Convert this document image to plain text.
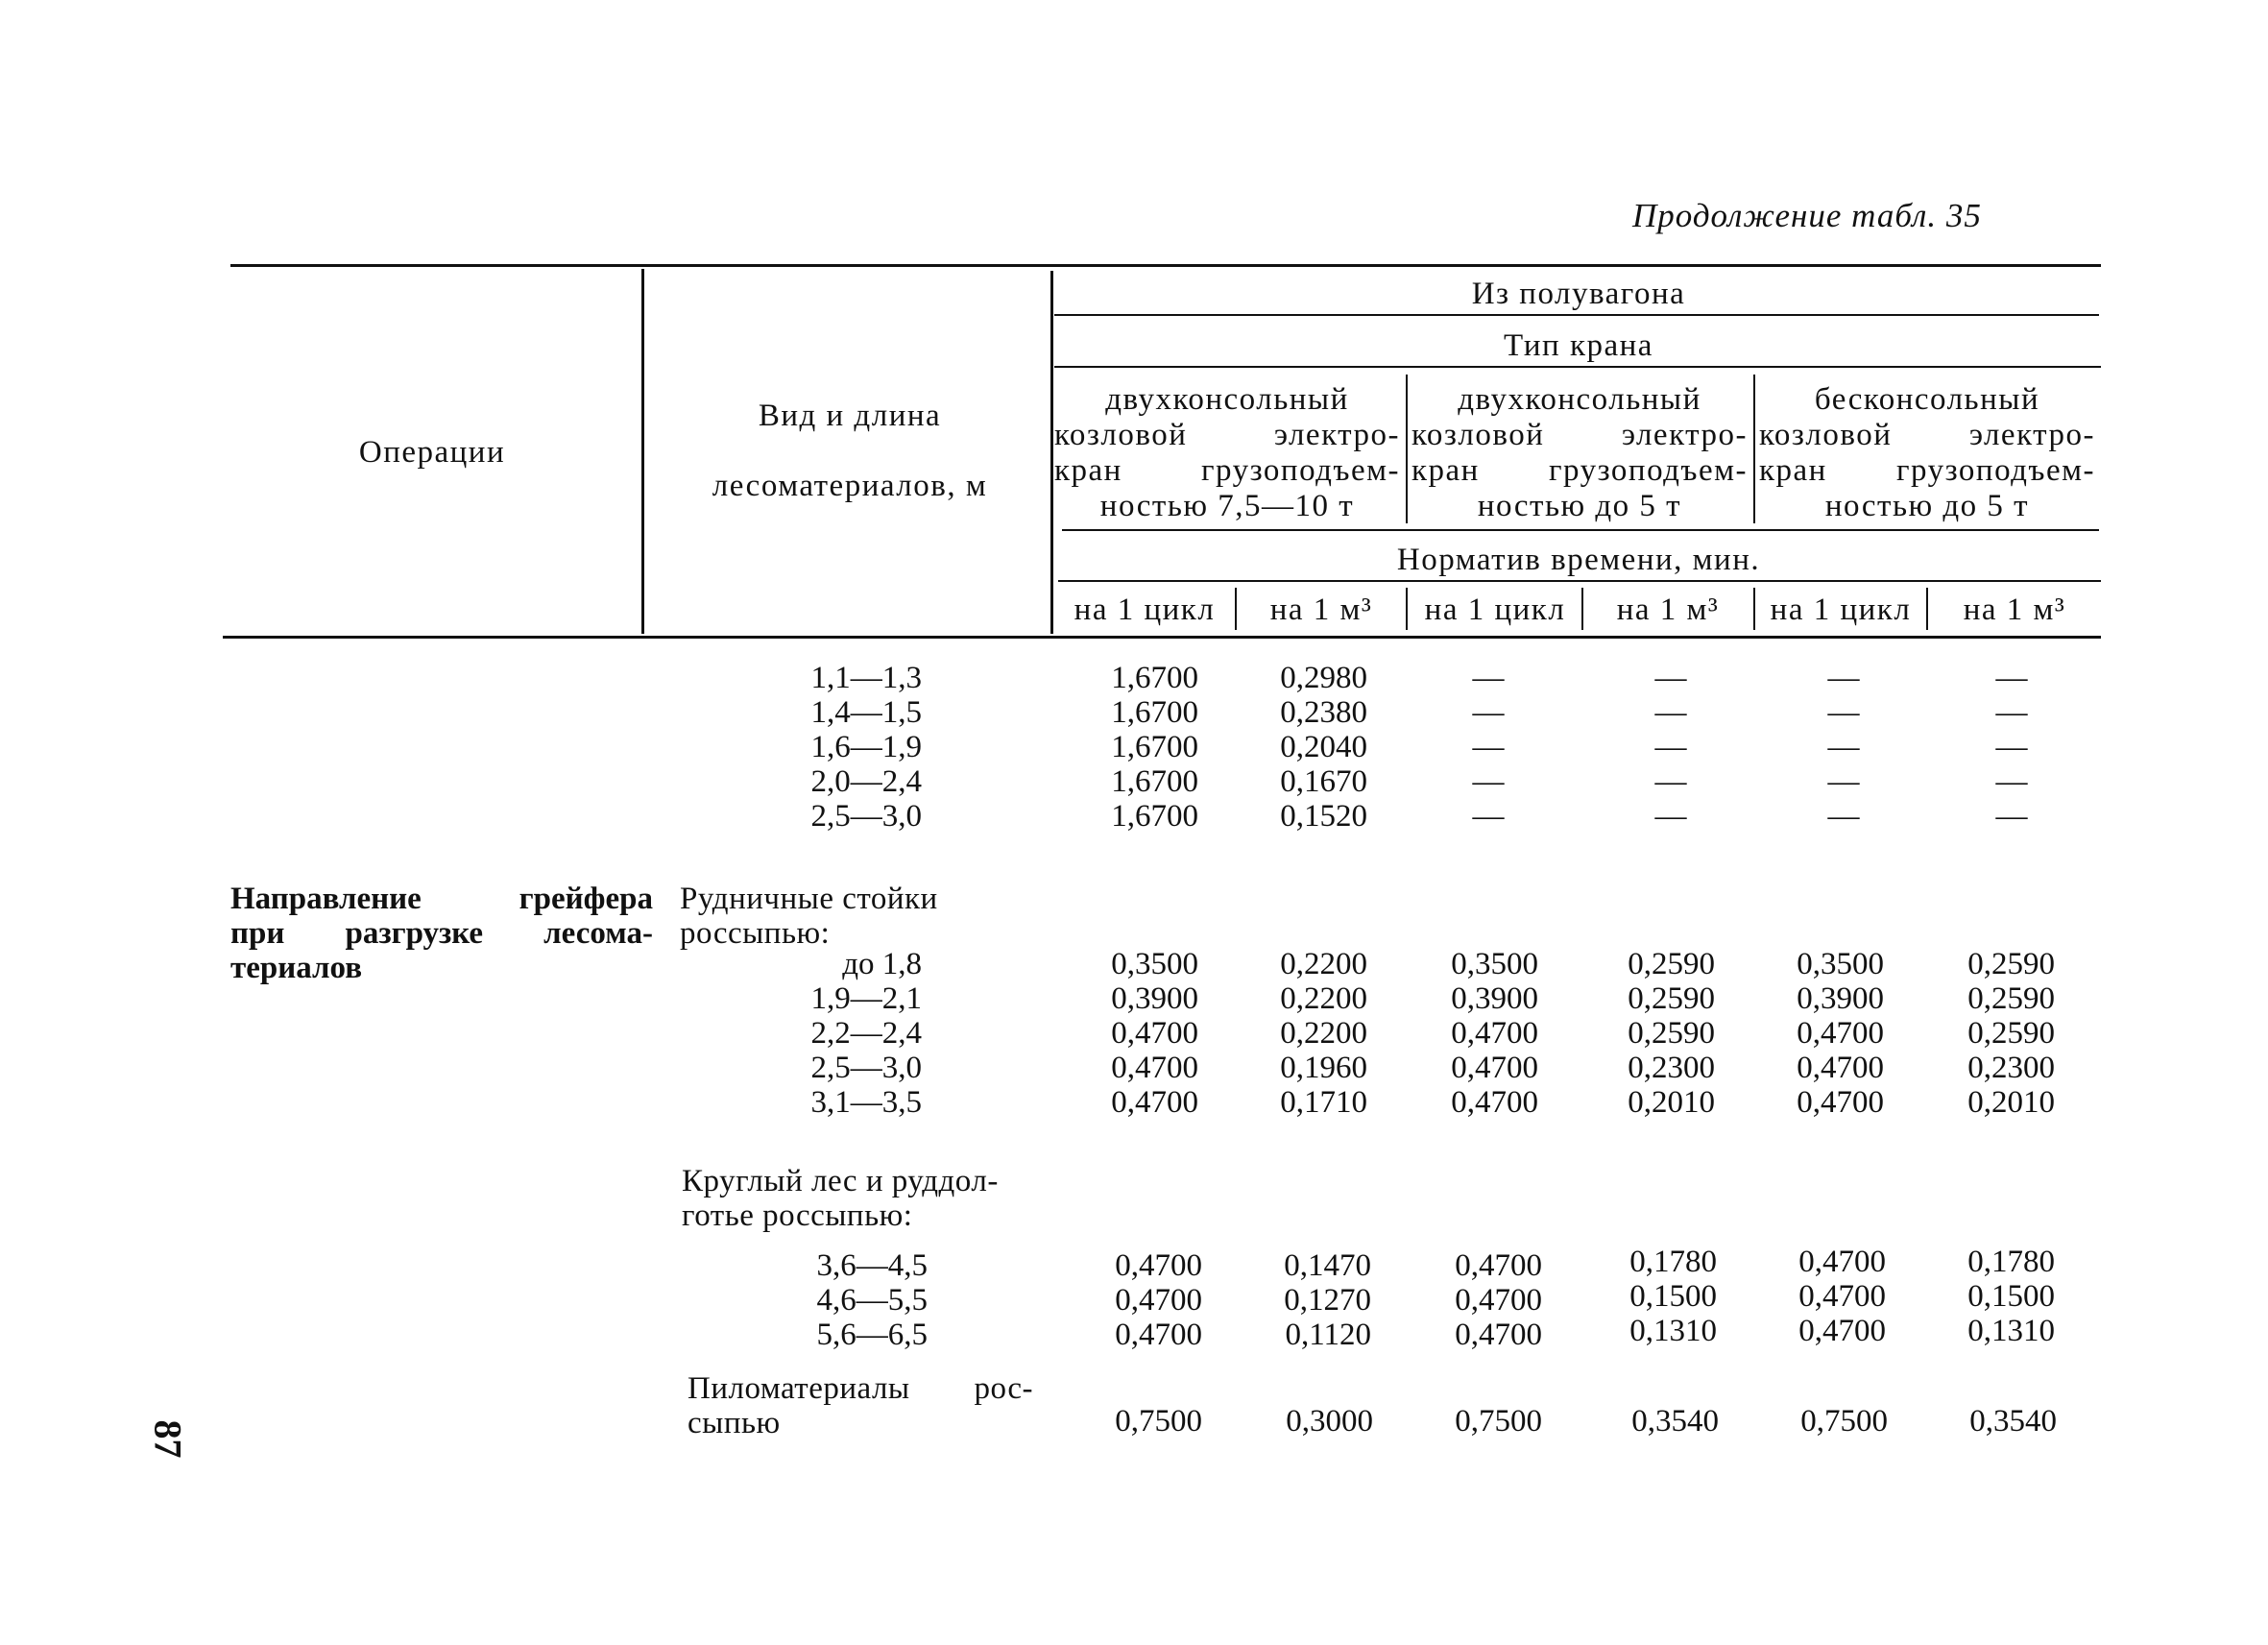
Продолжение табл. 35
87
Операции
Вид и длина
лесоматериалов, м
Из полувагона
Тип крана
двухконсольный
козловой электро-
кран грузоподъем-
ностью 7,5—10 т
двухконсольный
козловой электро-
кран грузоподъем-
ностью до 5 т
бесконсольный
козловой электро-
кран грузоподъем-
ностью до 5 т
Норматив времени, мин.
на 1 цикл	на 1 м³	на 1 цикл	на 1 м³	на 1 цикл	на 1 м³
1,1—1,3	1,6700	0,2980	—	—	—	—
1,4—1,5	1,6700	0,2380	—	—	—	—
1,6—1,9	1,6700	0,2040	—	—	—	—
2,0—2,4	1,6700	0,1670	—	—	—	—
2,5—3,0	1,6700	0,1520	—	—	—	—
Направление грейфера
при разгрузке лесома-
териалов
Рудничные стойки
россыпью:
до 1,8	0,3500	0,2200	0,3500	0,2590	0,3500	0,2590
1,9—2,1	0,3900	0,2200	0,3900	0,2590	0,3900	0,2590
2,2—2,4	0,4700	0,2200	0,4700	0,2590	0,4700	0,2590
2,5—3,0	0,4700	0,1960	0,4700	0,2300	0,4700	0,2300
3,1—3,5	0,4700	0,1710	0,4700	0,2010	0,4700	0,2010
Круглый лес и руддол-
готье россыпью:
3,6—4,5	0,4700	0,1470	0,4700	0,1780	0,4700	0,1780
4,6—5,5	0,4700	0,1270	0,4700	0,1500	0,4700	0,1500
5,6—6,5	0,4700	0,1120	0,4700	0,1310	0,4700	0,1310
Пиломатериалы рос-
сыпью	0,7500	0,3000	0,7500	0,3540	0,7500	0,3540
